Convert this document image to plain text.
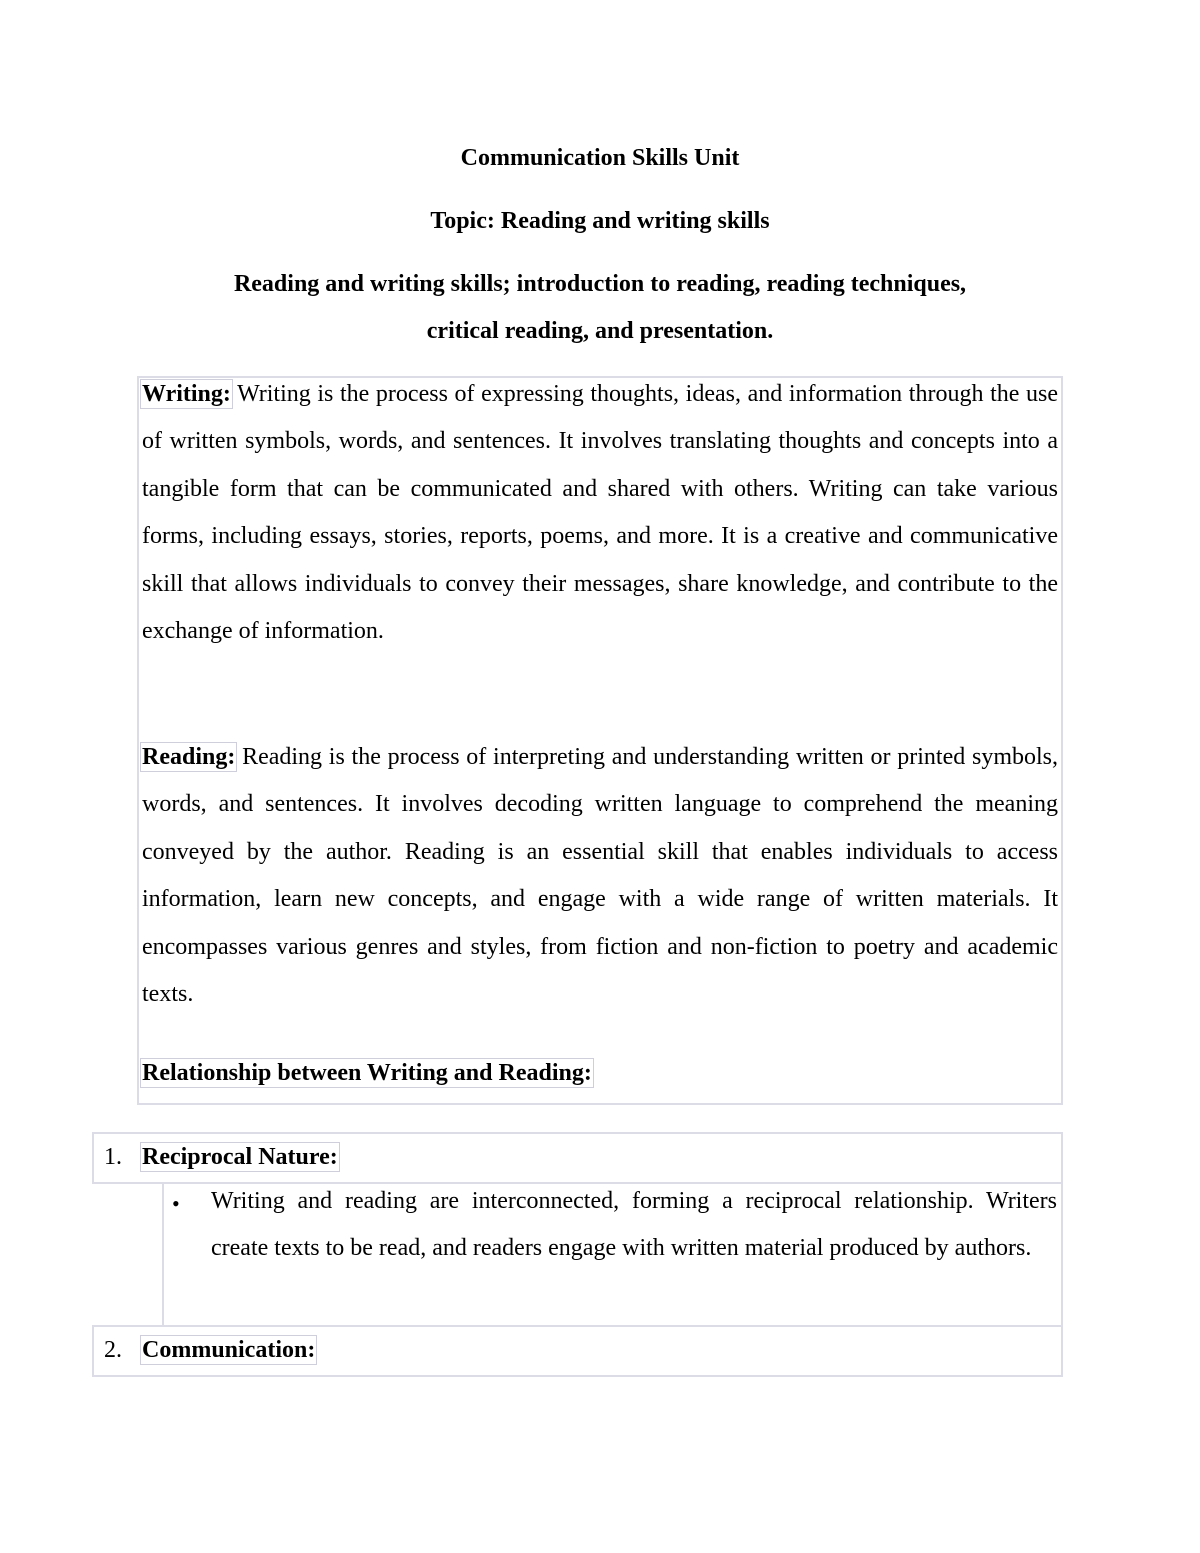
Communication Skills Unit
Topic: Reading and writing skills
Reading and writing skills; introduction to reading, reading techniques,
critical reading, and presentation.

Writing: Writing is the process of expressing thoughts, ideas, and information through the use of written symbols, words, and sentences. It involves translating thoughts and concepts into a tangible form that can be communicated and shared with others. Writing can take various forms, including essays, stories, reports, poems, and more. It is a creative and communicative skill that allows individuals to convey their messages, share knowledge, and contribute to the exchange of information.

Reading: Reading is the process of interpreting and understanding written or printed symbols, words, and sentences. It involves decoding written language to comprehend the meaning conveyed by the author. Reading is an essential skill that enables individuals to access information, learn new concepts, and engage with a wide range of written materials. It encompasses various genres and styles, from fiction and non-fiction to poetry and academic texts.

Relationship between Writing and Reading:

1. Reciprocal Nature:

• Writing and reading are interconnected, forming a reciprocal relationship. Writers create texts to be read, and readers engage with written material produced by authors.

2. Communication:
